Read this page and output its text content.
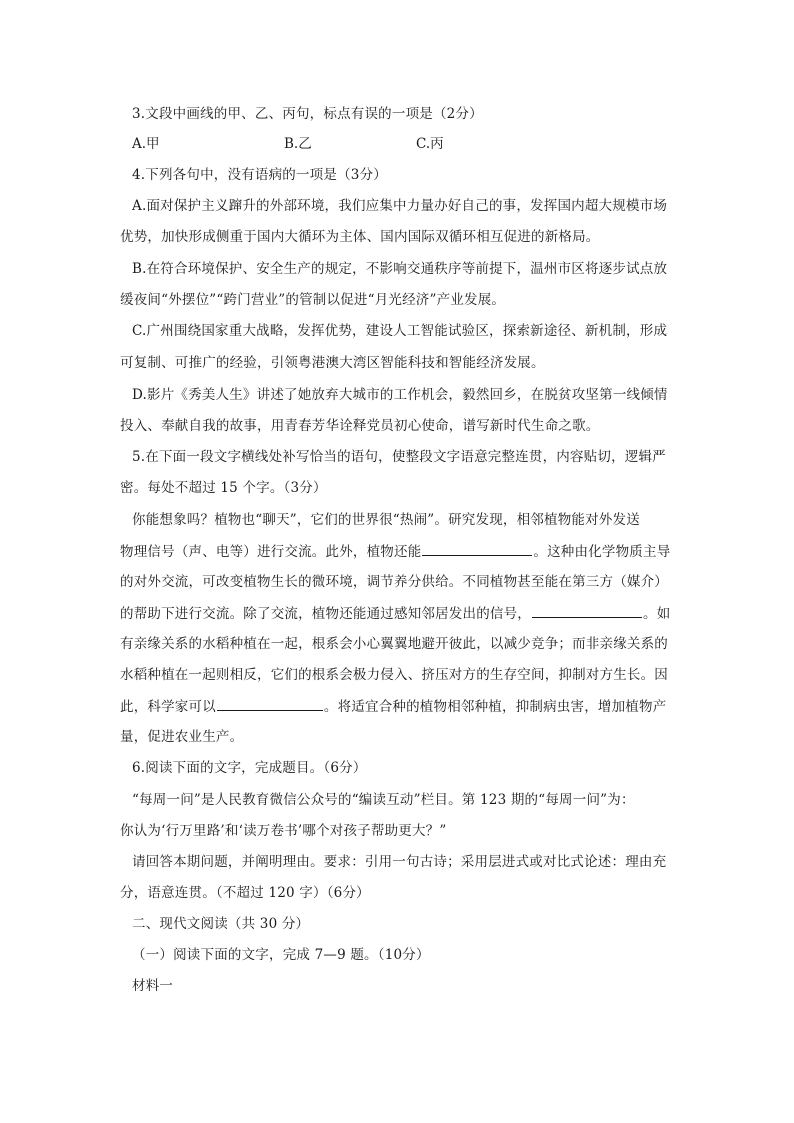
3.文段中画线的甲、乙、丙句，标点有误的一项是（2分）
A.甲	B.乙	C.丙
4.下列各句中，没有语病的一项是（3分）
A.面对保护主义蹿升的外部环境，我们应集中力量办好自己的事，发挥国内超大规模市场
优势，加快形成侧重于国内大循环为主体、国内国际双循环相互促进的新格局。
B.在符合环境保护、安全生产的规定，不影响交通秩序等前提下，温州市区将逐步试点放
缓夜间“外摆位”“跨门营业”的管制以促进“月光经济”产业发展。
C.广州围绕国家重大战略，发挥优势，建设人工智能试验区，探索新途径、新机制，形成
可复制、可推广的经验，引领粤港澳大湾区智能科技和智能经济发展。
D.影片《秀美人生》讲述了她放弃大城市的工作机会，毅然回乡，在脱贫攻坚第一线倾情
投入、奉献自我的故事，用青春芳华诠释党员初心使命，谱写新时代生命之歌。
5.在下面一段文字横线处补写恰当的语句，使整段文字语意完整连贯，内容贴切，逻辑严
密。每处不超过 15 个字。（3分）
你能想象吗？植物也“聊天”，它们的世界很“热闹”。研究发现，相邻植物能对外发送
物理信号（声、电等）进行交流。此外，植物还能	。这种由化学物质主导
的对外交流，可改变植物生长的微环境，调节养分供给。不同植物甚至能在第三方（媒介）
的帮助下进行交流。除了交流，植物还能通过感知邻居发出的信号，	。如
有亲缘关系的水稻种植在一起，根系会小心翼翼地避开彼此，以减少竞争；而非亲缘关系的
水稻种植在一起则相反，它们的根系会极力侵入、挤压对方的生存空间，抑制对方生长。因
此，科学家可以	。将适宜合种的植物相邻种植，抑制病虫害，增加植物产
量，促进农业生产。
6.阅读下面的文字，完成题目。（6分）
“每周一问”是人民教育微信公众号的“编读互动”栏目。第 123 期的“每周一问”为：
你认为‘行万里路’和‘读万卷书’哪个对孩子帮助更大？”
请回答本期问题，并阐明理由。要求：引用一句古诗；采用层进式或对比式论述：理由充
分，语意连贯。（不超过 120 字）（6分）
二、现代文阅读（共 30 分）
（一）阅读下面的文字，完成 7—9 题。（10分）
材料一
